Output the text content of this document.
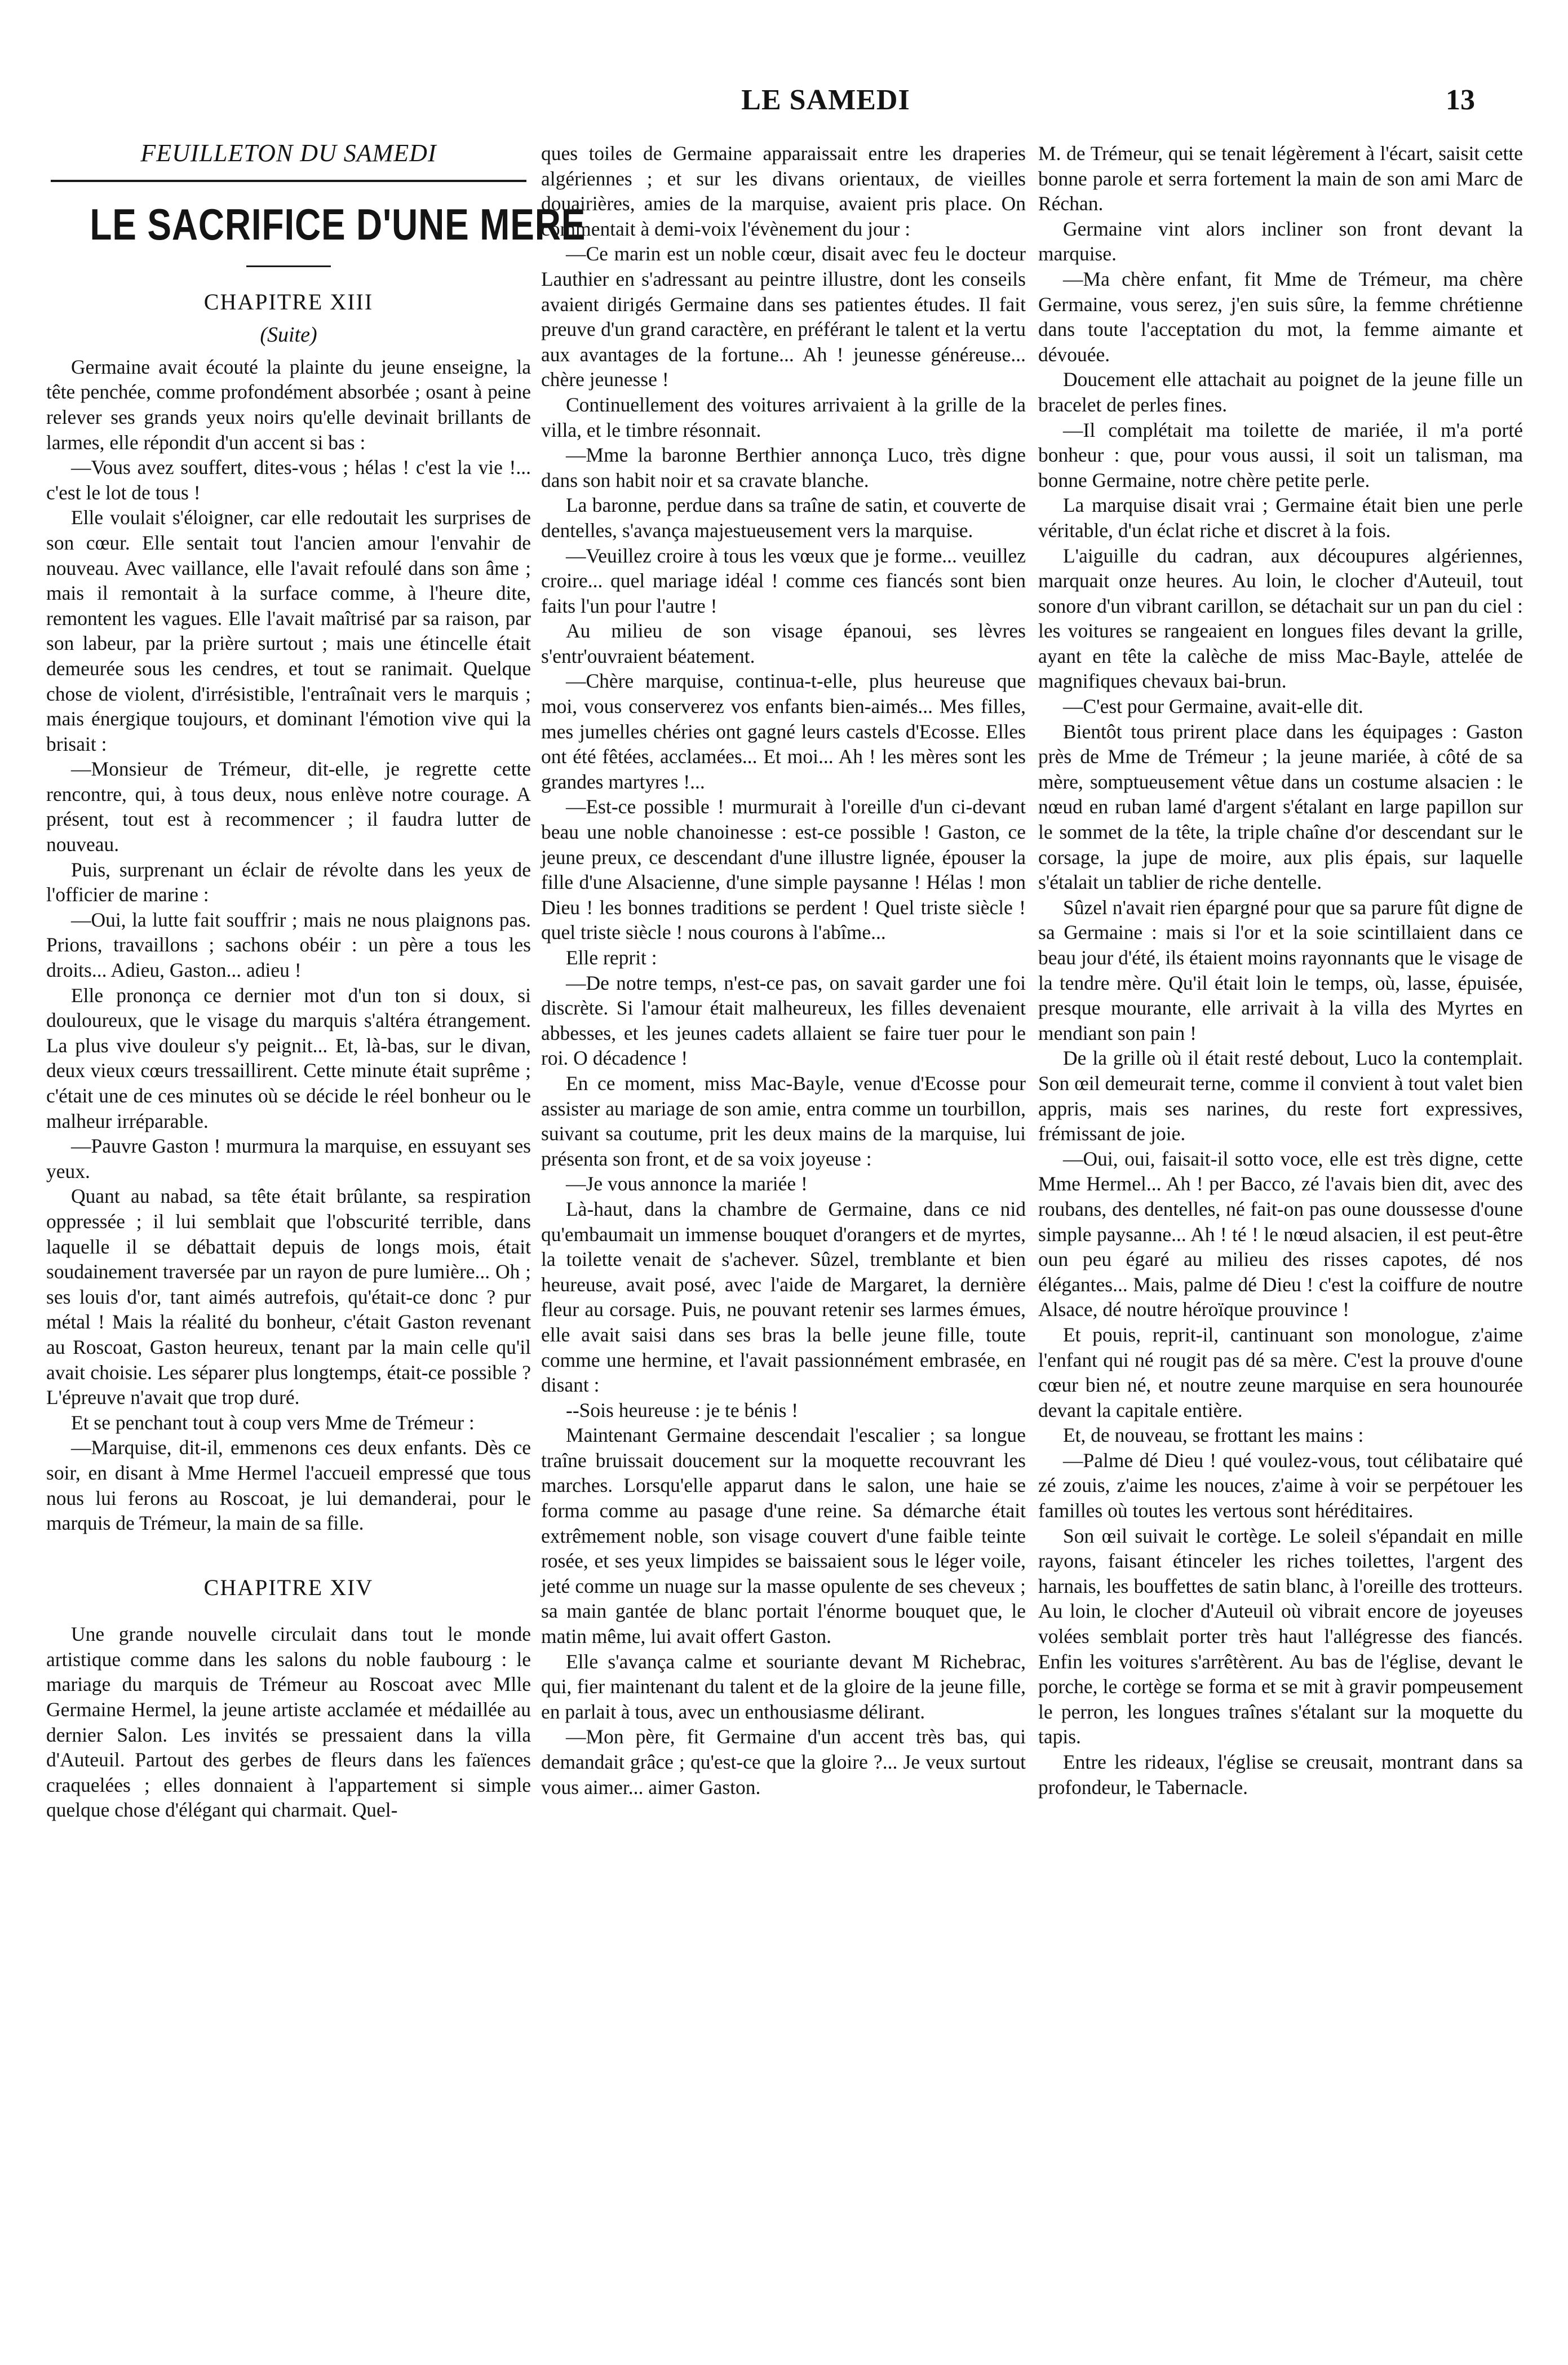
LE SAMEDI	13
FEUILLETON DU SAMEDI
LE SACRIFICE D'UNE MERE
CHAPITRE XIII
(Suite)

Germaine avait écouté la plainte du jeune enseigne, la tête penchée, comme profondément absorbée ; osant à peine relever ses grands yeux noirs qu'elle devinait brillants de larmes, elle répondit d'un accent si bas :

—Vous avez souffert, dites-vous ; hélas ! c'est la vie !... c'est le lot de tous !

Elle voulait s'éloigner, car elle redoutait les surprises de son cœur. Elle sentait tout l'ancien amour l'envahir de nouveau. Avec vaillance, elle l'avait refoulé dans son âme ; mais il remontait à la surface comme, à l'heure dite, remontent les vagues. Elle l'avait maîtrisé par sa raison, par son labeur, par la prière surtout ; mais une étincelle était demeurée sous les cendres, et tout se ranimait. Quelque chose de violent, d'irrésistible, l'entraînait vers le marquis ; mais énergique toujours, et dominant l'émotion vive qui la brisait :

—Monsieur de Trémeur, dit-elle, je regrette cette rencontre, qui, à tous deux, nous enlève notre courage. A présent, tout est à recommencer ; il faudra lutter de nouveau.

Puis, surprenant un éclair de révolte dans les yeux de l'officier de marine :

—Oui, la lutte fait souffrir ; mais ne nous plaignons pas. Prions, travaillons ; sachons obéir : un père a tous les droits... Adieu, Gaston... adieu !

Elle prononça ce dernier mot d'un ton si doux, si douloureux, que le visage du marquis s'altéra étrangement. La plus vive douleur s'y peignit... Et, là-bas, sur le divan, deux vieux cœurs tressaillirent. Cette minute était suprême ; c'était une de ces minutes où se décide le réel bonheur ou le malheur irréparable.

—Pauvre Gaston ! murmura la marquise, en essuyant ses yeux.

Quant au nabad, sa tête était brûlante, sa respiration oppressée ; il lui semblait que l'obscurité terrible, dans laquelle il se débattait depuis de longs mois, était soudainement traversée par un rayon de pure lumière... Oh ; ses louis d'or, tant aimés autrefois, qu'était-ce donc ? pur métal ! Mais la réalité du bonheur, c'était Gaston revenant au Roscoat, Gaston heureux, tenant par la main celle qu'il avait choisie. Les séparer plus longtemps, était-ce possible ? L'épreuve n'avait que trop duré.

Et se penchant tout à coup vers Mme de Trémeur :

—Marquise, dit-il, emmenons ces deux enfants. Dès ce soir, en disant à Mme Hermel l'accueil empressé que tous nous lui ferons au Roscoat, je lui demanderai, pour le marquis de Trémeur, la main de sa fille.

CHAPITRE XIV

Une grande nouvelle circulait dans tout le monde artistique comme dans les salons du noble faubourg : le mariage du marquis de Trémeur au Roscoat avec Mlle Germaine Hermel, la jeune artiste acclamée et médaillée au dernier Salon. Les invités se pressaient dans la villa d'Auteuil. Partout des gerbes de fleurs dans les faïences craquelées ; elles donnaient à l'appartement si simple quelque chose d'élégant qui charmait. Quel-

ques toiles de Germaine apparaissait entre les draperies algériennes ; et sur les divans orientaux, de vieilles douairières, amies de la marquise, avaient pris place. On commentait à demi-voix l'évènement du jour :

—Ce marin est un noble cœur, disait avec feu le docteur Lauthier en s'adressant au peintre illustre, dont les conseils avaient dirigés Germaine dans ses patientes études. Il fait preuve d'un grand caractère, en préférant le talent et la vertu aux avantages de la fortune... Ah ! jeunesse généreuse... chère jeunesse !

Continuellement des voitures arrivaient à la grille de la villa, et le timbre résonnait.

—Mme la baronne Berthier annonça Luco, très digne dans son habit noir et sa cravate blanche.

La baronne, perdue dans sa traîne de satin, et couverte de dentelles, s'avança majestueusement vers la marquise.

—Veuillez croire à tous les vœux que je forme... veuillez croire... quel mariage idéal ! comme ces fiancés sont bien faits l'un pour l'autre !

Au milieu de son visage épanoui, ses lèvres s'entr'ouvraient béatement.

—Chère marquise, continua-t-elle, plus heureuse que moi, vous conserverez vos enfants bien-aimés... Mes filles, mes jumelles chéries ont gagné leurs castels d'Ecosse. Elles ont été fêtées, acclamées... Et moi... Ah ! les mères sont les grandes martyres !...

—Est-ce possible ! murmurait à l'oreille d'un ci-devant beau une noble chanoinesse : est-ce possible ! Gaston, ce jeune preux, ce descendant d'une illustre lignée, épouser la fille d'une Alsacienne, d'une simple paysanne ! Hélas ! mon Dieu ! les bonnes traditions se perdent ! Quel triste siècle ! quel triste siècle ! nous courons à l'abîme...

Elle reprit :

—De notre temps, n'est-ce pas, on savait garder une foi discrète. Si l'amour était malheureux, les filles devenaient abbesses, et les jeunes cadets allaient se faire tuer pour le roi. O décadence !

En ce moment, miss Mac-Bayle, venue d'Ecosse pour assister au mariage de son amie, entra comme un tourbillon, suivant sa coutume, prit les deux mains de la marquise, lui présenta son front, et de sa voix joyeuse :

—Je vous annonce la mariée !

Là-haut, dans la chambre de Germaine, dans ce nid qu'embaumait un immense bouquet d'orangers et de myrtes, la toilette venait de s'achever. Sûzel, tremblante et bien heureuse, avait posé, avec l'aide de Margaret, la dernière fleur au corsage. Puis, ne pouvant retenir ses larmes émues, elle avait saisi dans ses bras la belle jeune fille, toute comme une hermine, et l'avait passionnément embrasée, en disant :

--Sois heureuse : je te bénis !

Maintenant Germaine descendait l'escalier ; sa longue traîne bruissait doucement sur la moquette recouvrant les marches. Lorsqu'elle apparut dans le salon, une haie se forma comme au pasage d'une reine. Sa démarche était extrêmement noble, son visage couvert d'une faible teinte rosée, et ses yeux limpides se baissaient sous le léger voile, jeté comme un nuage sur la masse opulente de ses cheveux ; sa main gantée de blanc portait l'énorme bouquet que, le matin même, lui avait offert Gaston.

Elle s'avança calme et souriante devant M Richebrac, qui, fier maintenant du talent et de la gloire de la jeune fille, en parlait à tous, avec un enthousiasme délirant.

—Mon père, fit Germaine d'un accent très bas, qui demandait grâce ; qu'est-ce que la gloire ?... Je veux surtout vous aimer... aimer Gaston.

M. de Trémeur, qui se tenait légèrement à l'écart, saisit cette bonne parole et serra fortement la main de son ami Marc de Réchan.

Germaine vint alors incliner son front devant la marquise.

—Ma chère enfant, fit Mme de Trémeur, ma chère Germaine, vous serez, j'en suis sûre, la femme chrétienne dans toute l'acceptation du mot, la femme aimante et dévouée.

Doucement elle attachait au poignet de la jeune fille un bracelet de perles fines.

—Il complétait ma toilette de mariée, il m'a porté bonheur : que, pour vous aussi, il soit un talisman, ma bonne Germaine, notre chère petite perle.

La marquise disait vrai ; Germaine était bien une perle véritable, d'un éclat riche et discret à la fois.

L'aiguille du cadran, aux découpures algériennes, marquait onze heures. Au loin, le clocher d'Auteuil, tout sonore d'un vibrant carillon, se détachait sur un pan du ciel : les voitures se rangeaient en longues files devant la grille, ayant en tête la calèche de miss Mac-Bayle, attelée de magnifiques chevaux bai-brun.

—C'est pour Germaine, avait-elle dit.

Bientôt tous prirent place dans les équipages : Gaston près de Mme de Trémeur ; la jeune mariée, à côté de sa mère, somptueusement vêtue dans un costume alsacien : le nœud en ruban lamé d'argent s'étalant en large papillon sur le sommet de la tête, la triple chaîne d'or descendant sur le corsage, la jupe de moire, aux plis épais, sur laquelle s'étalait un tablier de riche dentelle.

Sûzel n'avait rien épargné pour que sa parure fût digne de sa Germaine : mais si l'or et la soie scintillaient dans ce beau jour d'été, ils étaient moins rayonnants que le visage de la tendre mère. Qu'il était loin le temps, où, lasse, épuisée, presque mourante, elle arrivait à la villa des Myrtes en mendiant son pain !

De la grille où il était resté debout, Luco la contemplait. Son œil demeurait terne, comme il convient à tout valet bien appris, mais ses narines, du reste fort expressives, frémissant de joie.

—Oui, oui, faisait-il sotto voce, elle est très digne, cette Mme Hermel... Ah ! per Bacco, zé l'avais bien dit, avec des roubans, des dentelles, né fait-on pas oune doussesse d'oune simple paysanne... Ah ! té ! le nœud alsacien, il est peut-être oun peu égaré au milieu des risses capotes, dé nos élégantes... Mais, palme dé Dieu ! c'est la coiffure de noutre Alsace, dé noutre héroïque prouvince !

Et pouis, reprit-il, cantinuant son monologue, z'aime l'enfant qui né rougit pas dé sa mère. C'est la prouve d'oune cœur bien né, et noutre zeune marquise en sera hounourée devant la capitale entière.

Et, de nouveau, se frottant les mains :

—Palme dé Dieu ! qué voulez-vous, tout célibataire qué zé zouis, z'aime les nouces, z'aime à voir se perpétouer les familles où toutes les vertous sont héréditaires.

Son œil suivait le cortège. Le soleil s'épandait en mille rayons, faisant étinceler les riches toilettes, l'argent des harnais, les bouffettes de satin blanc, à l'oreille des trotteurs. Au loin, le clocher d'Auteuil où vibrait encore de joyeuses volées semblait porter très haut l'allégresse des fiancés. Enfin les voitures s'arrêtèrent. Au bas de l'église, devant le porche, le cortège se forma et se mit à gravir pompeusement le perron, les longues traînes s'étalant sur la moquette du tapis.

Entre les rideaux, l'église se creusait, montrant dans sa profondeur, le Tabernacle.
